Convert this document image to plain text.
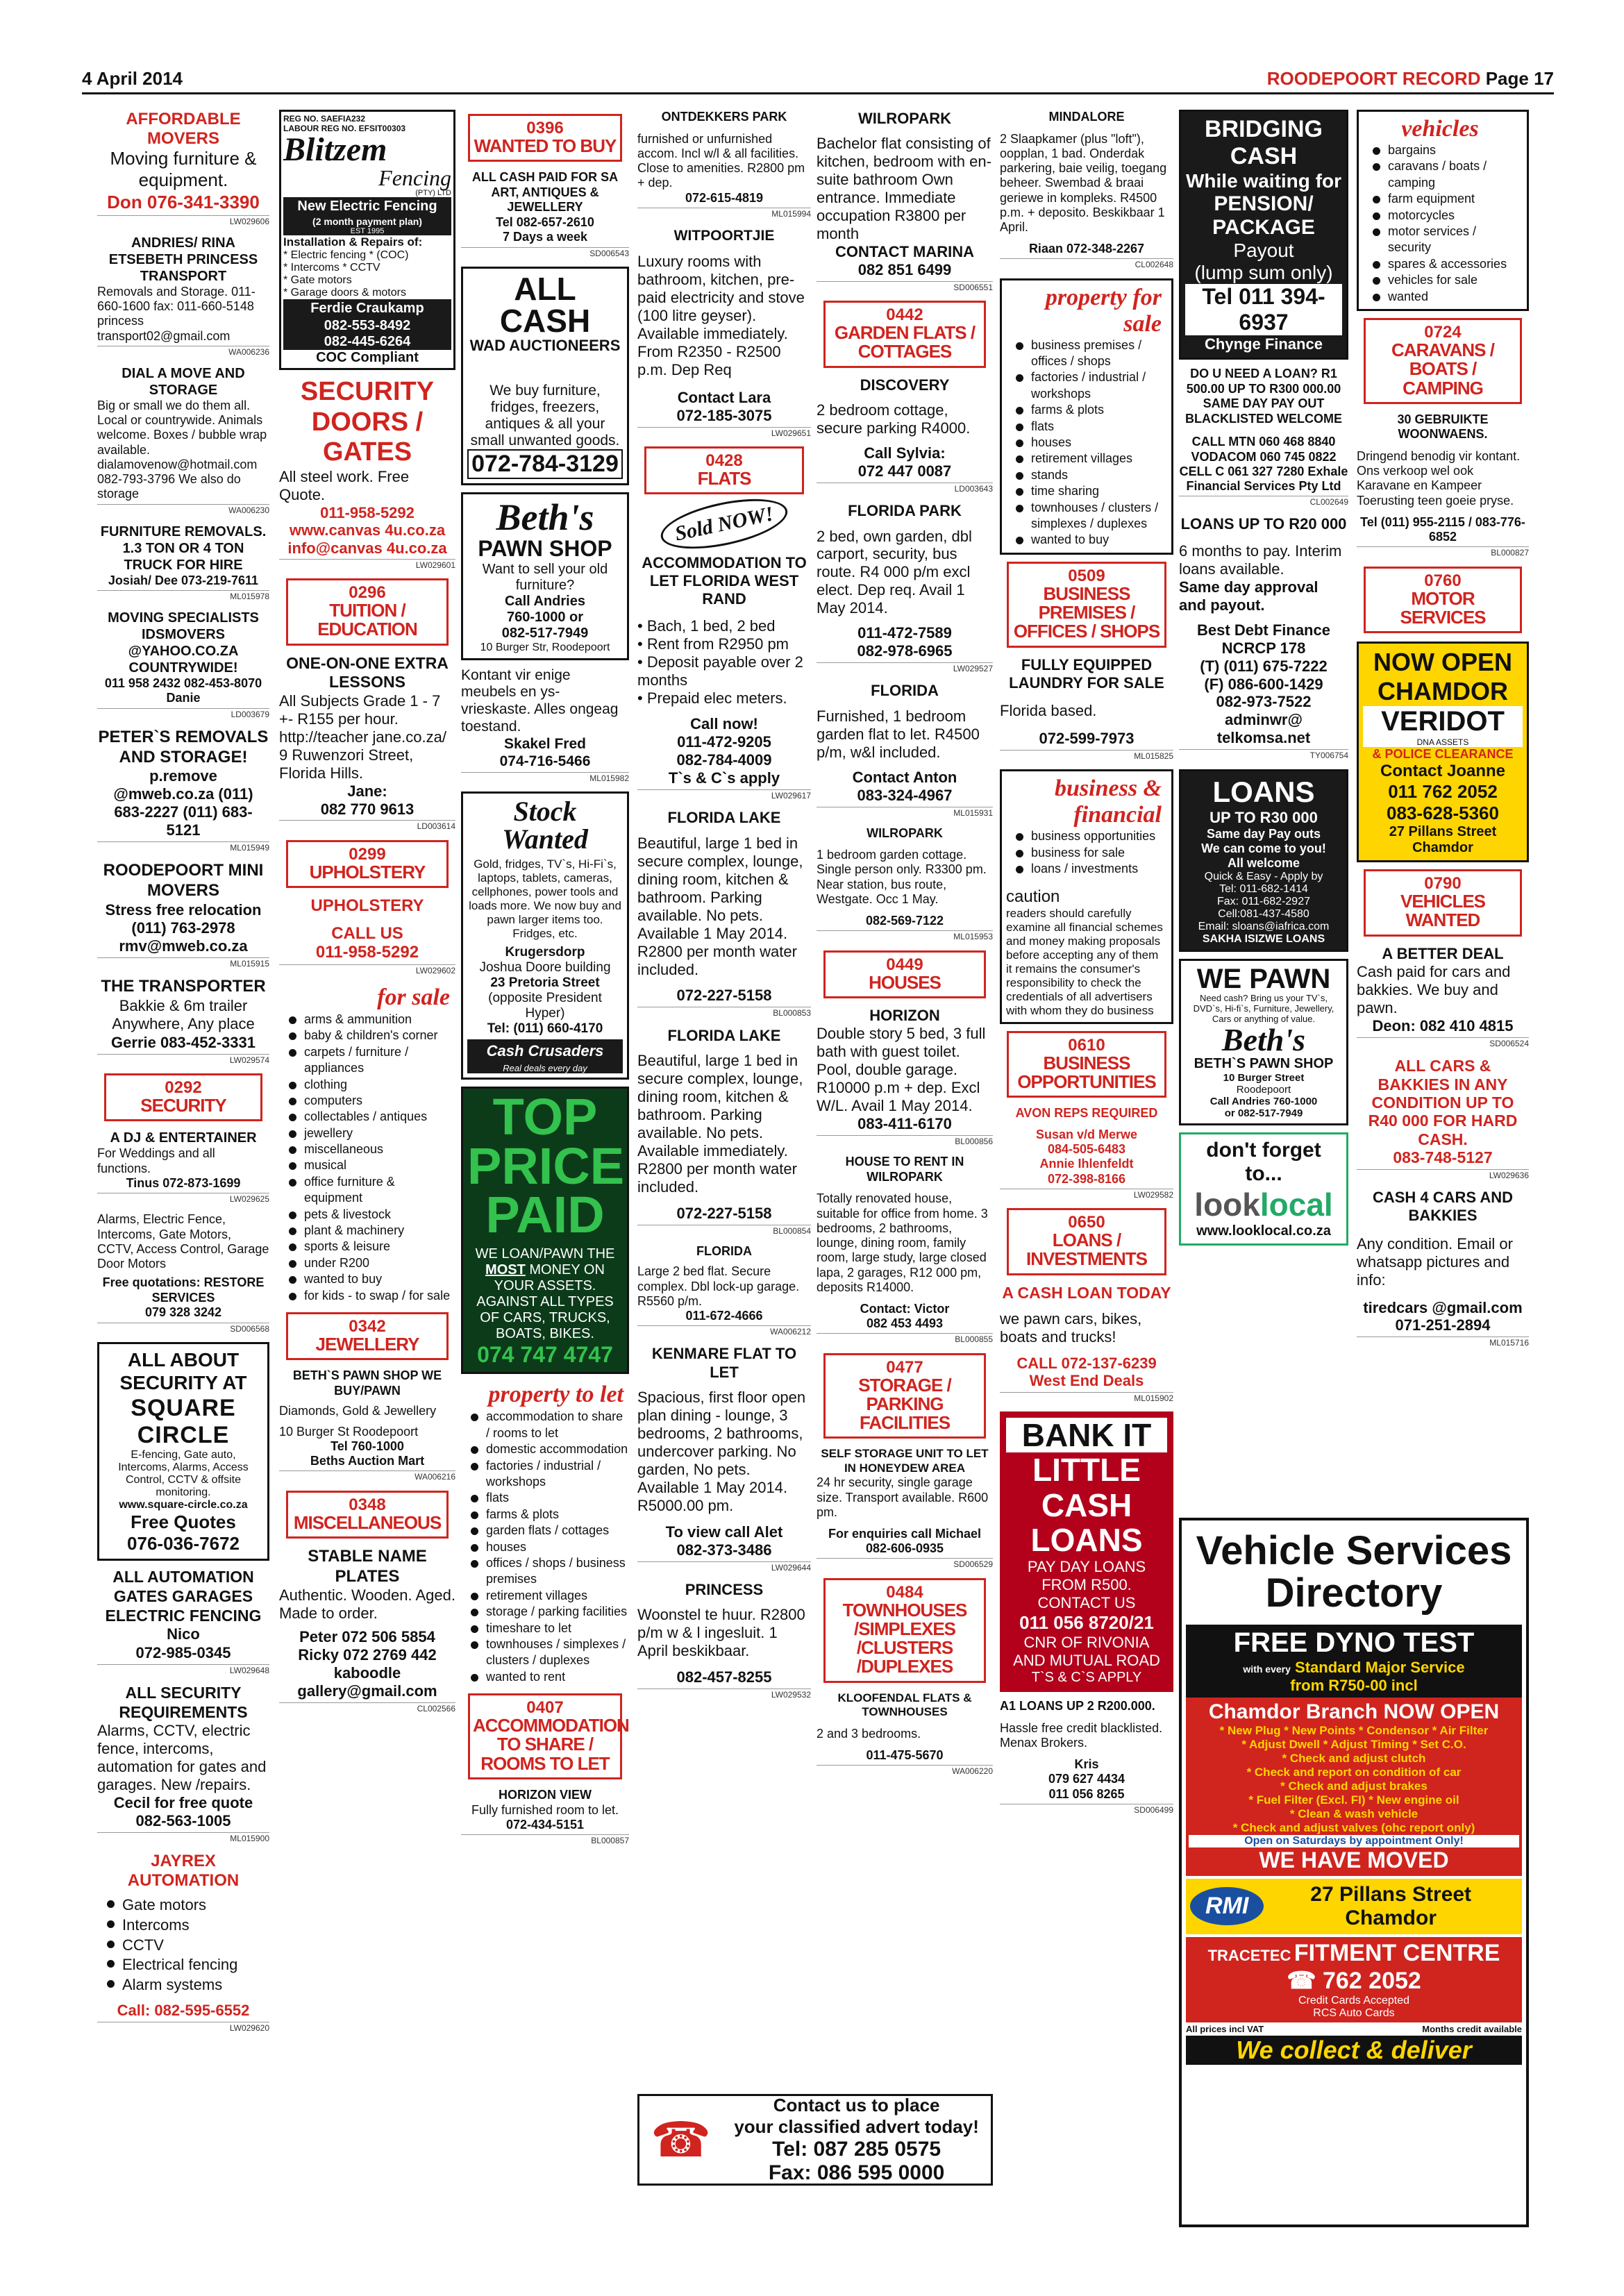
4 April 2014	ROODEPOORT RECORD Page 17
AFFORDABLE MOVERS
Moving furniture & equipment.
Don 076-341-3390
LW029606
ANDRIES/ RINA ETSEBETH PRINCESS TRANSPORT
Removals and Storage. 011-660-1600 fax: 011-660-5148 princess transport02@gmail.com
WA006236
DIAL A MOVE AND STORAGE
Big or small we do them all. Local or countrywide. Animals welcome. Boxes / bubble wrap available. dialamovenow@hotmail.com 082-793-3796 We also do storage
WA006230
FURNITURE REMOVALS. 1.3 TON OR 4 TON TRUCK FOR HIRE
Josiah/ Dee 073-219-7611
ML015978
MOVING SPECIALISTS IDSMOVERS @YAHOO.CO.ZA COUNTRYWIDE!
011 958 2432 082-453-8070 Danie
LD003679
PETER`S REMOVALS AND STORAGE!
p.remove @mweb.co.za (011) 683-2227 (011) 683-5121
ML015949
ROODEPOORT MINI MOVERS
Stress free relocation (011) 763-2978 rmv@mweb.co.za
ML015915
THE TRANSPORTER
Bakkie & 6m trailer Anywhere, Any place
Gerrie 083-452-3331
LW029574
0292
SECURITY
A DJ & ENTERTAINER
For Weddings and all functions.
Tinus 072-873-1699
LW029625
Alarms, Electric Fence, Intercoms, Gate Motors, CCTV, Access Control, Garage Door Motors
Free quotations: RESTORE SERVICES
079 328 3242
SD006568
ALL ABOUT SECURITY AT
SQUARE CIRCLE
E-fencing, Gate auto, Intercoms, Alarms, Access Control, CCTV & offsite monitoring.
www.square-circle.co.za
Free Quotes
076-036-7672
ALL AUTOMATION GATES GARAGES ELECTRIC FENCING
Nico
072-985-0345
LW029648
ALL SECURITY REQUIREMENTS
Alarms, CCTV, electric fence, intercoms, automation for gates and garages. New /repairs.
Cecil for free quote
082-563-1005
ML015900
JAYREX AUTOMATION
Gate motors
Intercoms
CCTV
Electrical fencing
Alarm systems
Call: 082-595-6552
LW029620
REG NO. SAEFIA232
LABOUR REG NO. EFSIT00303
Blitzem
Fencing
(PTY) LTD
New Electric Fencing
(2 month payment plan)
EST 1995
Installation & Repairs of:
* Electric fencing * (COC)
* Intercoms * CCTV
* Gate motors
* Garage doors & motors
Ferdie Craukamp
082-553-8492
082-445-6264
COC Compliant
SECURITY DOORS / GATES
All steel work. Free Quote.
011-958-5292
www.canvas 4u.co.za
info@canvas 4u.co.za
LW029601
0296
TUITION / EDUCATION
ONE-ON-ONE EXTRA LESSONS
All Subjects Grade 1 - 7 +- R155 per hour. http://teacher jane.co.za/ 9 Ruwenzori Street, Florida Hills.
Jane:
082 770 9613
LD003614
0299
UPHOLSTERY
UPHOLSTERY
CALL US
011-958-5292
LW029602
for sale
arms & ammunition
baby & children's corner
carpets / furniture / appliances
clothing
computers
collectables / antiques
jewellery
miscellaneous
musical
office furniture & equipment
pets & livestock
plant & machinery
sports & leisure
under R200
wanted to buy
for kids - to swap / for sale
0342
JEWELLERY
BETH`S PAWN SHOP WE BUY/PAWN
Diamonds, Gold & Jewellery
10 Burger St Roodepoort
Tel 760-1000
Beths Auction Mart
WA006216
0348
MISCELLANEOUS
STABLE NAME PLATES
Authentic. Wooden. Aged. Made to order.
Peter 072 506 5854
Ricky 072 2769 442
kaboodle
gallery@gmail.com
CL002566
0396
WANTED TO BUY
ALL CASH PAID FOR SA ART, ANTIQUES & JEWELLERY
Tel 082-657-2610
7 Days a week
SD006543
ALL CASH
WAD AUCTIONEERS
We buy furniture, fridges, freezers, antiques & all your small unwanted goods.
072-784-3129
Beth's
PAWN SHOP
Want to sell your old furniture?
Call Andries
760-1000 or
082-517-7949
10 Burger Str, Roodepoort
Kontant vir enige meubels en ys-vrieskaste. Alles ongeag toestand.
Skakel Fred
074-716-5466
ML015982
Stock Wanted
Gold, fridges, TV`s, Hi-Fi`s, laptops, tablets, cameras, cellphones, power tools and loads more. We now buy and pawn larger items too. Fridges, etc.
Krugersdorp
Joshua Doore building
23 Pretoria Street
(opposite President Hyper)
Tel: (011) 660-4170
Cash Crusaders
Real deals every day
TOP PRICE PAID
WE LOAN/PAWN THE MOST MONEY ON YOUR ASSETS. AGAINST ALL TYPES OF CARS, TRUCKS, BOATS, BIKES.
074 747 4747
property to let
accommodation to share / rooms to let
domestic accommodation
factories / industrial / workshops
flats
farms & plots
garden flats / cottages
houses
offices / shops / business premises
retirement villages
storage / parking facilities
timeshare to let
townhouses / simplexes / clusters / duplexes
wanted to rent
0407
ACCOMMODATION TO SHARE / ROOMS TO LET
HORIZON VIEW
Fully furnished room to let.
072-434-5151
BL000857
ONTDEKKERS PARK
furnished or unfurnished accom. Incl w/l & all facilities. Close to amenities. R2800 pm + dep.
072-615-4819
ML015994
WITPOORTJIE
Luxury rooms with bathroom, kitchen, pre-paid electricity and stove (100 litre geyser). Available immediately. From R2350 - R2500 p.m. Dep Req
Contact Lara
072-185-3075
LW029651
0428
FLATS
Sold NOW!
ACCOMMODATION TO LET FLORIDA WEST RAND
• Bach, 1 bed, 2 bed
• Rent from R2950 pm
• Deposit payable over 2 months
• Prepaid elec meters.
Call now!
011-472-9205
082-784-4009
T`s & C`s apply
LW029617
FLORIDA LAKE
Beautiful, large 1 bed in secure complex, lounge, dining room, kitchen & bathroom. Parking available. No pets. Available 1 May 2014. R2800 per month water included.
072-227-5158
BL000853
FLORIDA LAKE
Beautiful, large 1 bed in secure complex, lounge, dining room, kitchen & bathroom. Parking available. No pets. Available immediately. R2800 per month water included.
072-227-5158
BL000854
FLORIDA
Large 2 bed flat. Secure complex. Dbl lock-up garage. R5560 p/m.
011-672-4666
WA006212
KENMARE FLAT TO LET
Spacious, first floor open plan dining - lounge, 3 bedrooms, 2 bathrooms, undercover parking. No garden, No pets. Available 1 May 2014. R5000.00 pm.
To view call Alet
082-373-3486
LW029644
PRINCESS
Woonstel te huur. R2800 p/m w & l ingesluit. 1 April beskikbaar.
082-457-8255
LW029532
WILROPARK
Bachelor flat consisting of kitchen, bedroom with en-suite bathroom Own entrance. Immediate occupation R3800 per month
CONTACT MARINA
082 851 6499
SD006551
0442
GARDEN FLATS / COTTAGES
DISCOVERY
2 bedroom cottage, secure parking R4000.
Call Sylvia:
072 447 0087
LD003643
FLORIDA PARK
2 bed, own garden, dbl carport, security, bus route. R4 000 p/m excl elect. Dep req. Avail 1 May 2014.
011-472-7589
082-978-6965
LW029527
FLORIDA
Furnished, 1 bedroom garden flat to let. R4500 p/m, w&l included.
Contact Anton
083-324-4967
ML015931
WILROPARK
1 bedroom garden cottage. Single person only. R3300 pm. Near station, bus route, Westgate. Occ 1 May.
082-569-7122
ML015953
0449
HOUSES
HORIZON
Double story 5 bed, 3 full bath with guest toilet. Pool, double garage. R10000 p.m + dep. Excl W/L. Avail 1 May 2014.
083-411-6170
BL000856
HOUSE TO RENT IN WILROPARK
Totally renovated house, suitable for office from home. 3 bedrooms, 2 bathrooms, lounge, dining room, family room, large study, large closed lapa, 2 garages, R12 000 pm, deposits R14000.
Contact: Victor
082 453 4493
BL000855
0477
STORAGE / PARKING FACILITIES
SELF STORAGE UNIT TO LET IN HONEYDEW AREA
24 hr security, single garage size. Transport available. R600 pm.
For enquiries call Michael
082-606-0935
SD006529
0484
TOWNHOUSES /SIMPLEXES /CLUSTERS /DUPLEXES
KLOOFENDAL FLATS & TOWNHOUSES
2 and 3 bedrooms.
011-475-5670
WA006220
MINDALORE
2 Slaapkamer (plus "loft"), oopplan, 1 bad. Onderdak parkering, baie veilig, toegang beheer. Swembad & braai geriewe in kompleks. R4500 p.m. + deposito. Beskikbaar 1 April.
Riaan 072-348-2267
CL002648
property for sale
business premises / offices / shops
factories / industrial / workshops
farms & plots
flats
houses
retirement villages
stands
time sharing
townhouses / clusters / simplexes / duplexes
wanted to buy
0509
BUSINESS PREMISES / OFFICES / SHOPS
FULLY EQUIPPED LAUNDRY FOR SALE
Florida based.
072-599-7973
ML015825
business & financial
business opportunities
business for sale
loans / investments
caution
readers should carefully examine all financial schemes and money making proposals before accepting any of them it remains the consumer's responsibility to check the credentials of all advertisers with whom they do business
0610
BUSINESS OPPORTUNITIES
AVON REPS REQUIRED
Susan v/d Merwe
084-505-6483
Annie Ihlenfeldt
072-398-8166
LW029582
0650
LOANS / INVESTMENTS
A CASH LOAN TODAY
we pawn cars, bikes, boats and trucks!
CALL 072-137-6239
West End Deals
ML015902
BANK IT
LITTLE
CASH
LOANS
PAY DAY LOANS
FROM R500.
CONTACT US
011 056 8720/21
CNR OF RIVONIA
AND MUTUAL ROAD
T`S & C`S APPLY
A1 LOANS UP 2 R200.000.
Hassle free credit blacklisted. Menax Brokers.
Kris
079 627 4434
011 056 8265
SD006499
BRIDGING CASH
While waiting for
PENSION/
PACKAGE
Payout
(lump sum only)
Tel 011 394-6937
Chynge Finance
DO U NEED A LOAN? R1 500.00 UP TO R300 000.00 SAME DAY PAY OUT BLACKLISTED WELCOME
CALL MTN 060 468 8840 VODACOM 060 745 0822 CELL C 061 327 7280 Exhale Financial Services Pty Ltd
CL002649
LOANS UP TO R20 000
6 months to pay. Interim loans available.
Same day approval and payout.
Best Debt Finance
NCRCP 178
(T) (011) 675-7222
(F) 086-600-1429
082-973-7522
adminwr@ telkomsa.net
TY006754
LOANS
UP TO R30 000
Same day Pay outs
We can come to you!
All welcome
Quick & Easy - Apply by
Tel: 011-682-1414
Fax: 011-682-2927
Cell:081-437-4580
Email: sloans@iafrica.com
SAKHA ISIZWE LOANS
WE PAWN
Need cash? Bring us your TV`s, DVD`s, Hi-fi`s, Furniture, Jewellery, Cars or anything of value.
Beth's
BETH`S PAWN SHOP
10 Burger Street
Roodepoort
Call Andries 760-1000
or 082-517-7949
don't forget to...
looklocal
www.looklocal.co.za
vehicles
bargains
caravans / boats / camping
farm equipment
motorcycles
motor services / security
spares & accessories
vehicles for sale
wanted
0724
CARAVANS / BOATS / CAMPING
30 GEBRUIKTE WOONWAENS.
Dringend benodig vir kontant. Ons verkoop wel ook Karavane en Kampeer Toerusting teen goeie pryse.
Tel (011) 955-2115 / 083-776-6852
BL000827
0760
MOTOR SERVICES
NOW OPEN
CHAMDOR
VERIDOT
DNA ASSETS
& POLICE CLEARANCE
Contact Joanne
011 762 2052
083-628-5360
27 Pillans Street
Chamdor
0790
VEHICLES WANTED
A BETTER DEAL
Cash paid for cars and bakkies. We buy and pawn.
Deon: 082 410 4815
SD006524
ALL CARS & BAKKIES IN ANY CONDITION UP TO R40 000 FOR HARD CASH.
083-748-5127
LW029636
CASH 4 CARS AND BAKKIES
Any condition. Email or whatsapp pictures and info:
tiredcars @gmail.com
071-251-2894
ML015716
Vehicle Services Directory
FREE DYNO TEST
with every Standard Major Service
from R750-00 incl
Chamdor Branch NOW OPEN
* New Plug * New Points * Condensor * Air Filter
* Adjust Dwell * Adjust Timing * Set C.O.
* Check and adjust clutch
* Check and report on condition of car
* Check and adjust brakes
* Fuel Filter (Excl. FI) * New engine oil
* Clean & wash vehicle
* Check and adjust valves (ohc report only)
Open on Saturdays by appointment Only!
WE HAVE MOVED
RMI	27 Pillans Street
Chamdor
TRACETEC FITMENT CENTRE
☎ 762 2052
Credit Cards Accepted
RCS Auto Cards
All prices incl VAT	Months credit available
We collect & deliver
☎
Contact us to place
your classified advert today!
Tel: 087 285 0575
Fax: 086 595 0000
